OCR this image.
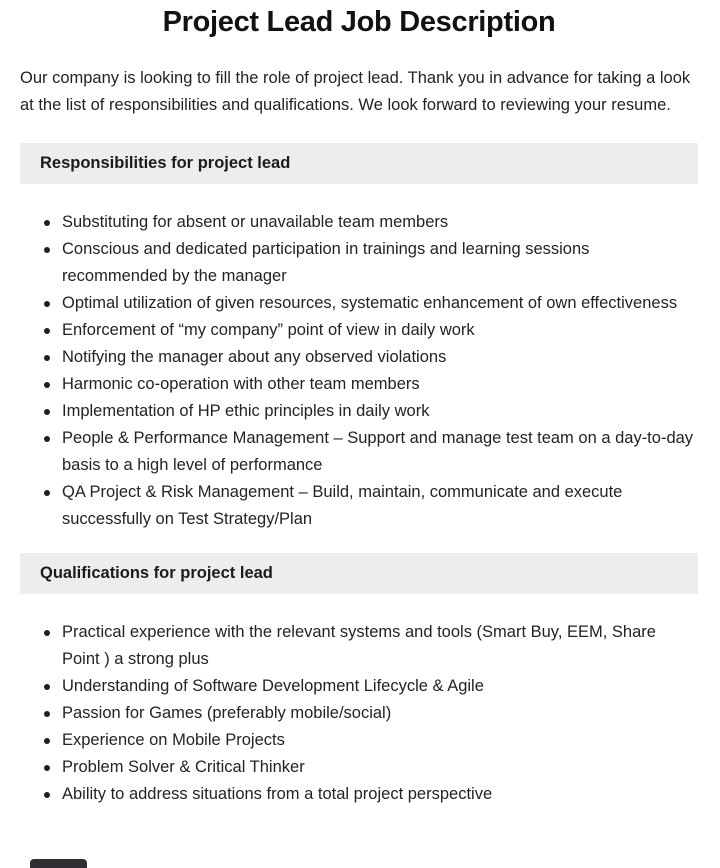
Project Lead Job Description

Our company is looking to fill the role of project lead. Thank you in advance for taking a look at the list of responsibilities and qualifications. We look forward to reviewing your resume.

Responsibilities for project lead
Substituting for absent or unavailable team members
Conscious and dedicated participation in trainings and learning sessions recommended by the manager
Optimal utilization of given resources, systematic enhancement of own effectiveness
Enforcement of “my company” point of view in daily work
Notifying the manager about any observed violations
Harmonic co-operation with other team members
Implementation of HP ethic principles in daily work
People & Performance Management – Support and manage test team on a day-to-day basis to a high level of performance
QA Project & Risk Management – Build, maintain, communicate and execute successfully on Test Strategy/Plan
Qualifications for project lead
Practical experience with the relevant systems and tools (Smart Buy, EEM, Share Point ) a strong plus
Understanding of Software Development Lifecycle & Agile
Passion for Games (preferably mobile/social)
Experience on Mobile Projects
Problem Solver & Critical Thinker
Ability to address situations from a total project perspective
